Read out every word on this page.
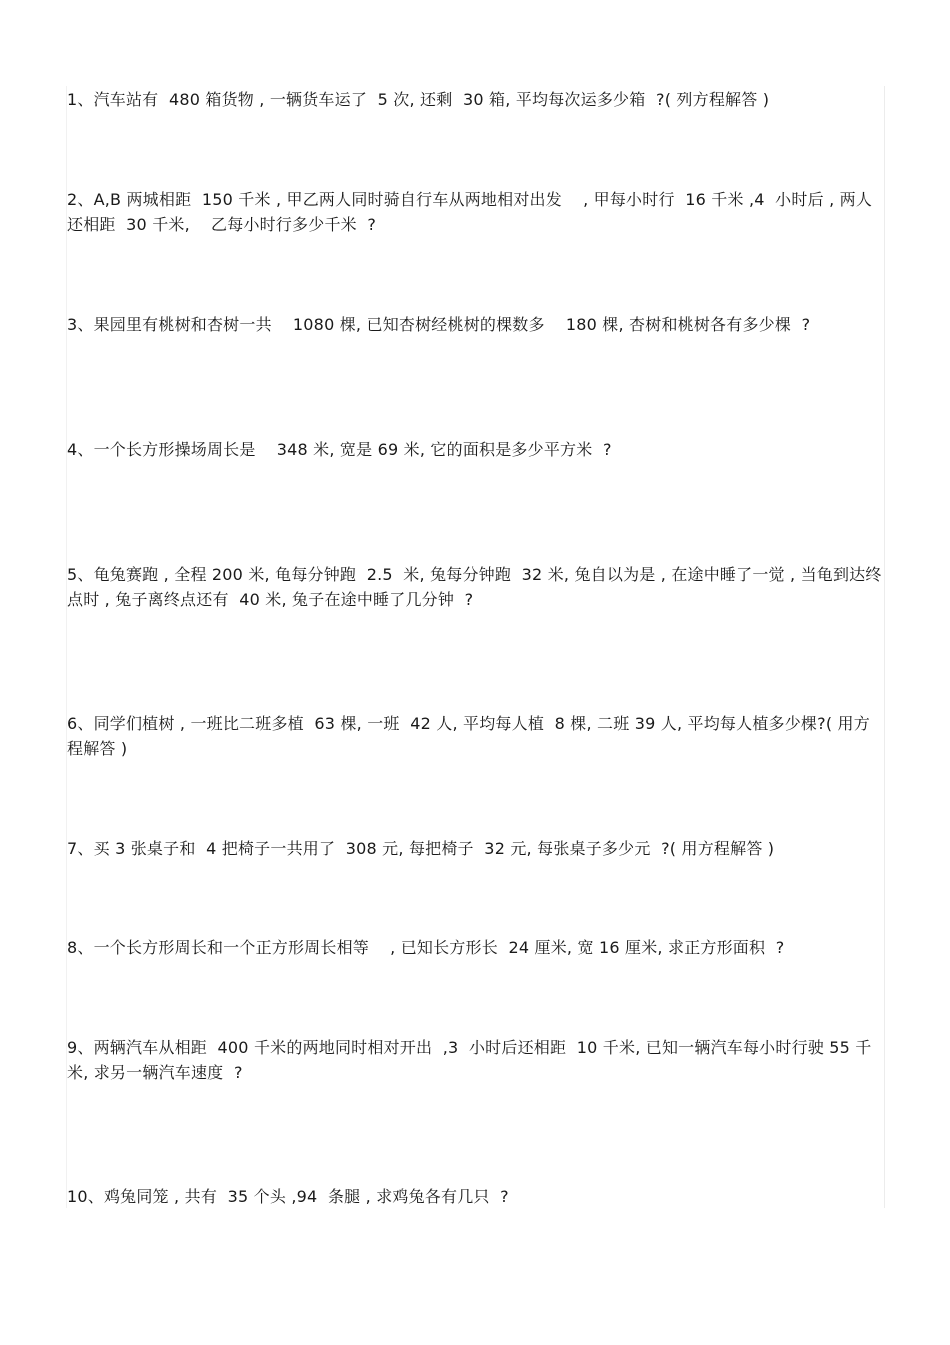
1、汽车站有  480 箱货物 , 一辆货车运了  5 次, 还剩  30 箱, 平均每次运多少箱  ?( 列方程解答 )

2、A,B 两城相距  150 千米 , 甲乙两人同时骑自行车从两地相对出发    , 甲每小时行  16 千米 ,4  小时后 , 两人还相距  30 千米,    乙每小时行多少千米  ?

3、果园里有桃树和杏树一共    1080 棵, 已知杏树经桃树的棵数多    180 棵, 杏树和桃树各有多少棵  ?

4、一个长方形操场周长是    348 米, 宽是 69 米, 它的面积是多少平方米  ?

5、龟兔赛跑 , 全程 200 米, 龟每分钟跑  2.5  米, 兔每分钟跑  32 米, 兔自以为是 , 在途中睡了一觉 , 当龟到达终点时 , 兔子离终点还有  40 米, 兔子在途中睡了几分钟  ?

6、同学们植树 , 一班比二班多植  63 棵, 一班  42 人, 平均每人植  8 棵, 二班 39 人, 平均每人植多少棵?( 用方程解答 )

7、买 3 张桌子和  4 把椅子一共用了  308 元, 每把椅子  32 元, 每张桌子多少元  ?( 用方程解答 )

8、一个长方形周长和一个正方形周长相等    , 已知长方形长  24 厘米, 宽 16 厘米, 求正方形面积  ?

9、两辆汽车从相距  400 千米的两地同时相对开出  ,3  小时后还相距  10 千米, 已知一辆汽车每小时行驶 55 千米, 求另一辆汽车速度  ?

10、鸡兔同笼 , 共有  35 个头 ,94  条腿 , 求鸡兔各有几只  ?
